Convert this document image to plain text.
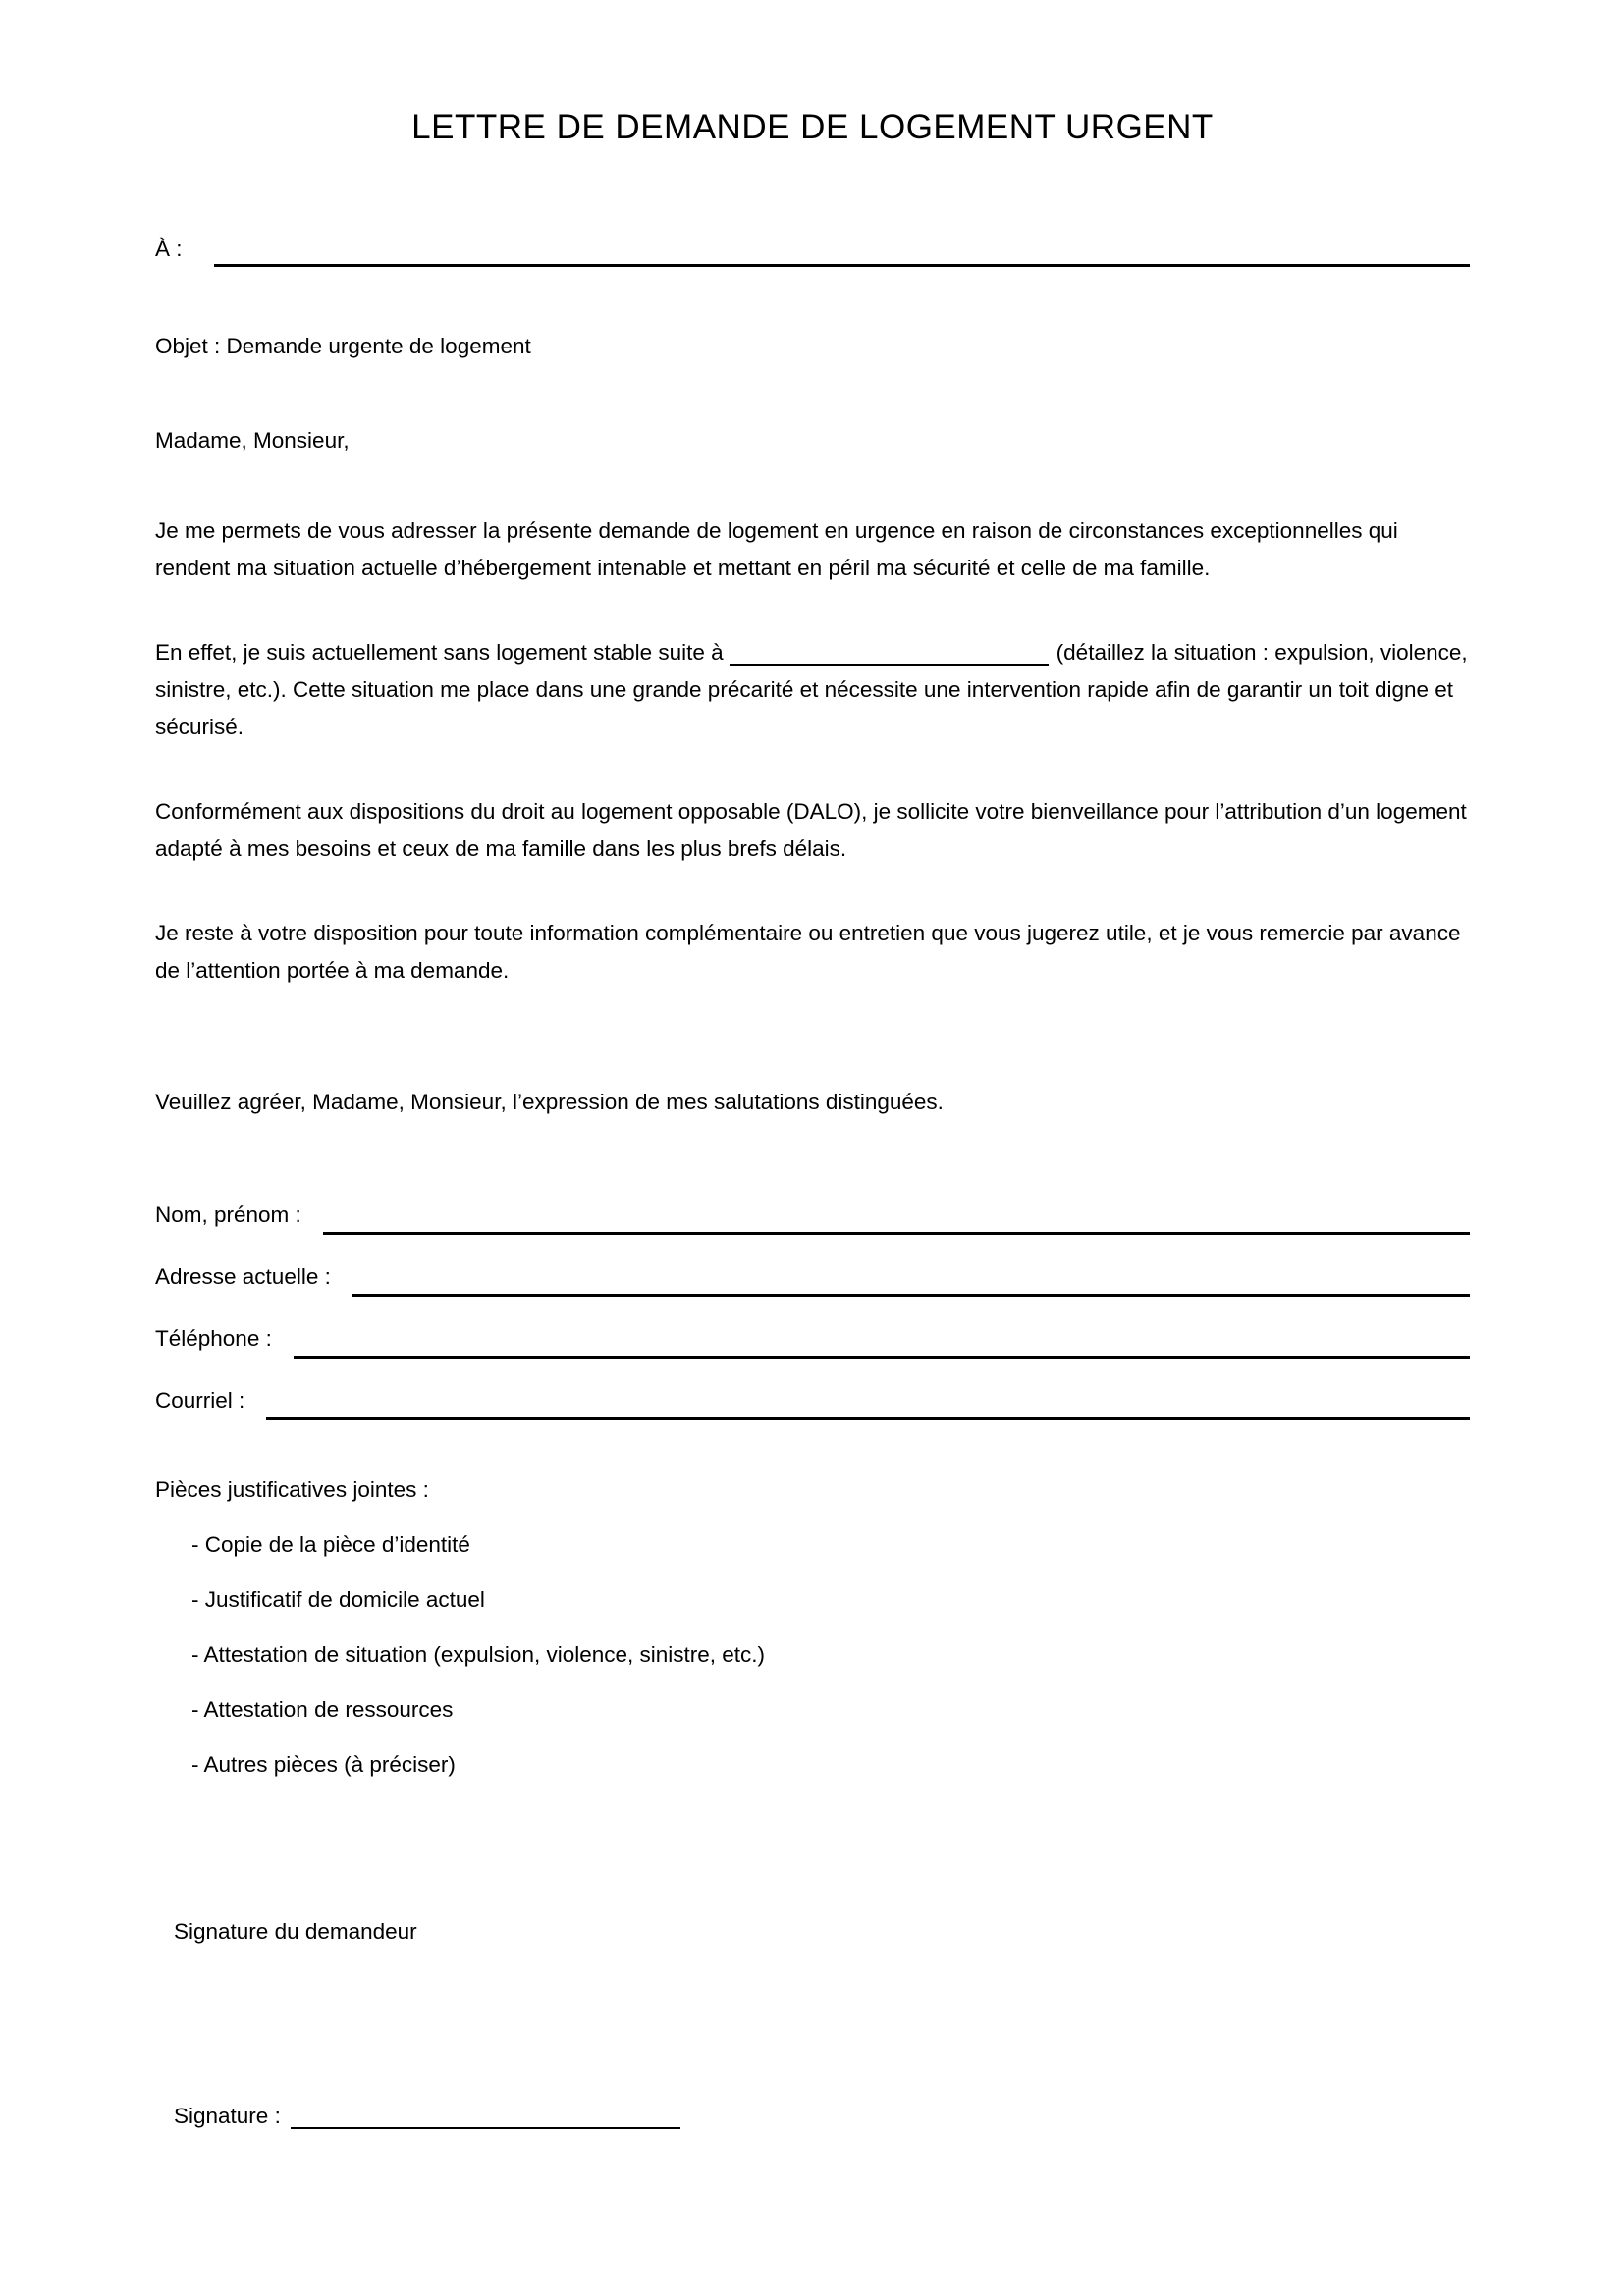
LETTRE DE DEMANDE DE LOGEMENT URGENT
À :
Objet : Demande urgente de logement
Madame, Monsieur,

Je me permets de vous adresser la présente demande de logement en urgence en raison de circonstances exceptionnelles qui rendent ma situation actuelle d’hébergement intenable et mettant en péril ma sécurité et celle de ma famille.

En effet, je suis actuellement sans logement stable suite à	(détaillez la situation : expulsion, violence, sinistre, etc.). Cette situation me place dans une grande précarité et nécessite une intervention rapide afin de garantir un toit digne et sécurisé.

Conformément aux dispositions du droit au logement opposable (DALO), je sollicite votre bienveillance pour l’attribution d’un logement adapté à mes besoins et ceux de ma famille dans les plus brefs délais.

Je reste à votre disposition pour toute information complémentaire ou entretien que vous jugerez utile, et je vous remercie par avance de l’attention portée à ma demande.

Veuillez agréer, Madame, Monsieur, l’expression de mes salutations distinguées.
Nom, prénom :
Adresse actuelle :
Téléphone :
Courriel :
Pièces justificatives jointes :
- Copie de la pièce d’identité
- Justificatif de domicile actuel
- Attestation de situation (expulsion, violence, sinistre, etc.)
- Attestation de ressources
- Autres pièces (à préciser)
Signature du demandeur
Signature :
